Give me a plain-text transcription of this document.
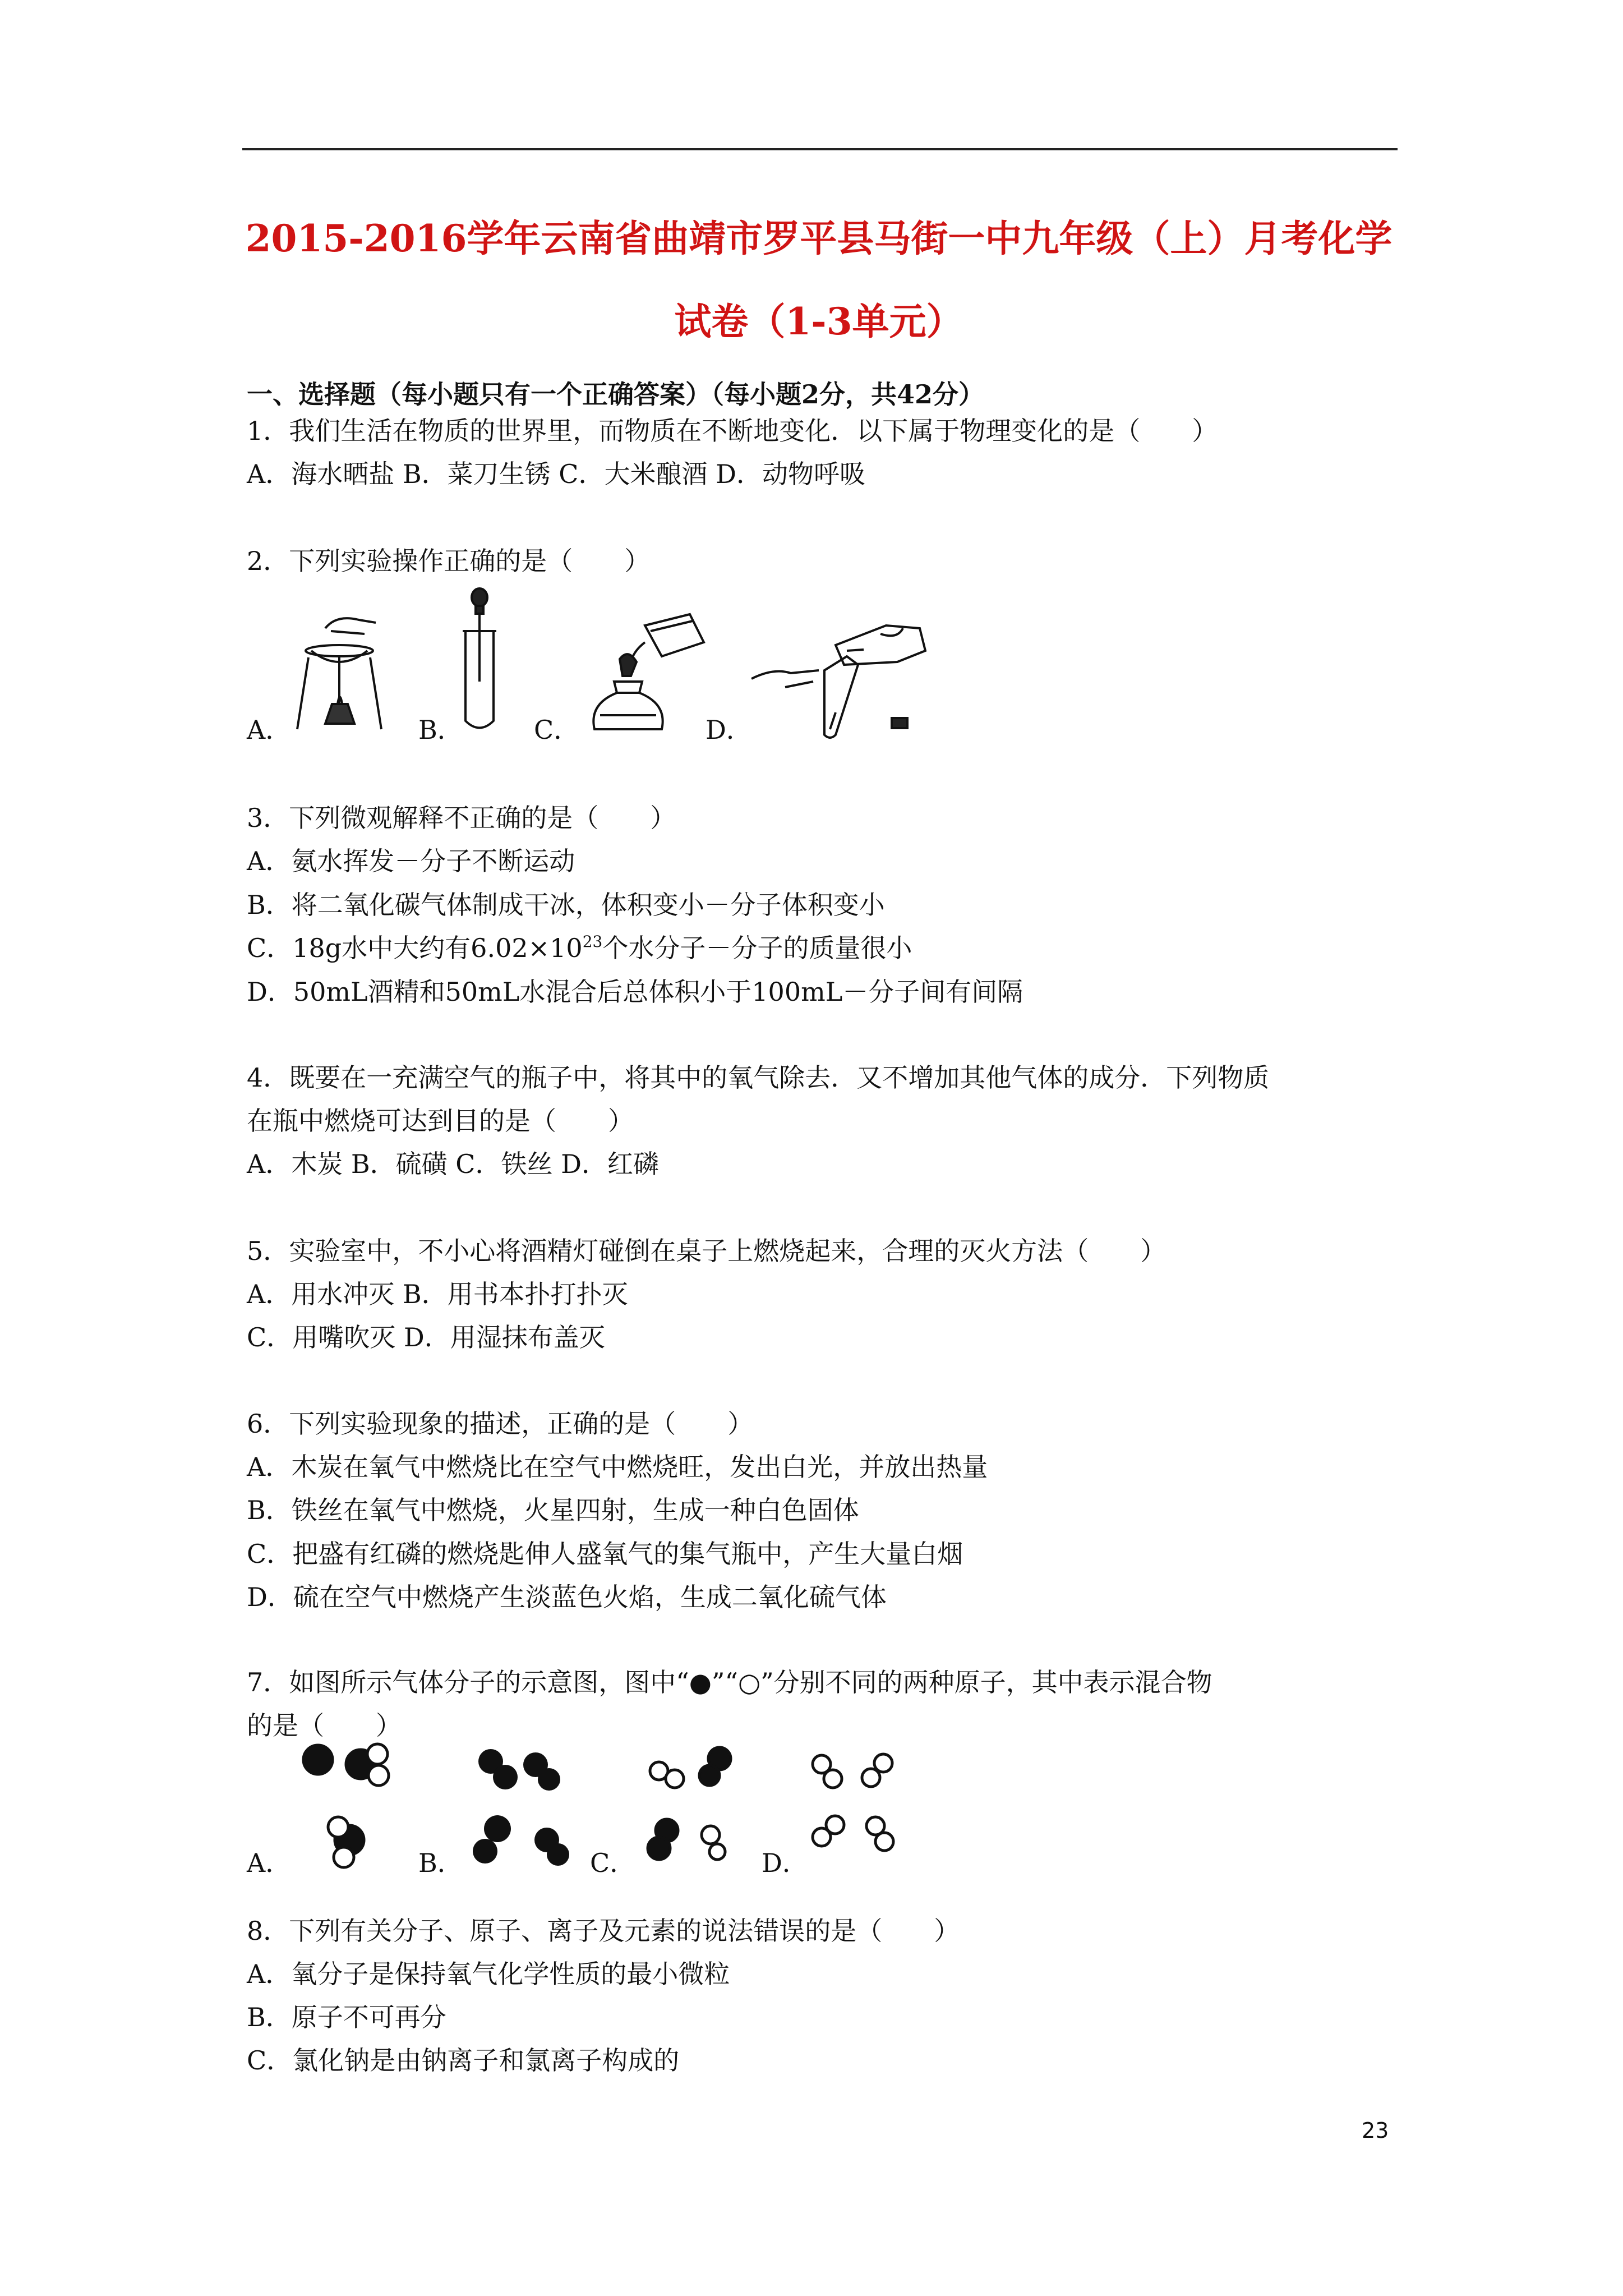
2015-2016学年云南省曲靖市罗平县马街一中九年级（上）月考化学
试卷（1-3单元）
一、选择题（每小题只有一个正确答案）（每小题2分，共42分）
1．我们生活在物质的世界里，而物质在不断地变化．以下属于物理变化的是（　　）
A．海水晒盐 B．菜刀生锈 C．大米酿酒 D．动物呼吸
2．下列实验操作正确的是（　　）
A．	B．	C．	D．
3．下列微观解释不正确的是（　　）
A．氨水挥发－分子不断运动
B．将二氧化碳气体制成干冰，体积变小－分子体积变小
C．18g水中大约有$6.02\times 10^{23}$个水分子－分子的质量很小
D．50mL酒精和50mL水混合后总体积小于100mL－分子间有间隔
4．既要在一充满空气的瓶子中，将其中的氧气除去．又不增加其他气体的成分．下列物质
在瓶中燃烧可达到目的是（　　）
A．木炭 B．硫磺 C．铁丝 D．红磷
5．实验室中，不小心将酒精灯碰倒在桌子上燃烧起来，合理的灭火方法（　　）
A．用水冲灭 B．用书本扑打扑灭
C．用嘴吹灭 D．用湿抹布盖灭
6．下列实验现象的描述，正确的是（　　）
A．木炭在氧气中燃烧比在空气中燃烧旺，发出白光，并放出热量
B．铁丝在氧气中燃烧，火星四射，生成一种白色固体
C．把盛有红磷的燃烧匙伸人盛氧气的集气瓶中，产生大量白烟
D．硫在空气中燃烧产生淡蓝色火焰，生成二氧化硫气体
7．如图所示气体分子的示意图，图中“●”“○”分别不同的两种原子，其中表示混合物
的是（　　）
A．	B．	C．	D．
8．下列有关分子、原子、离子及元素的说法错误的是（　　）
A．氧分子是保持氧气化学性质的最小微粒
B．原子不可再分
C．氯化钠是由钠离子和氯离子构成的
23
